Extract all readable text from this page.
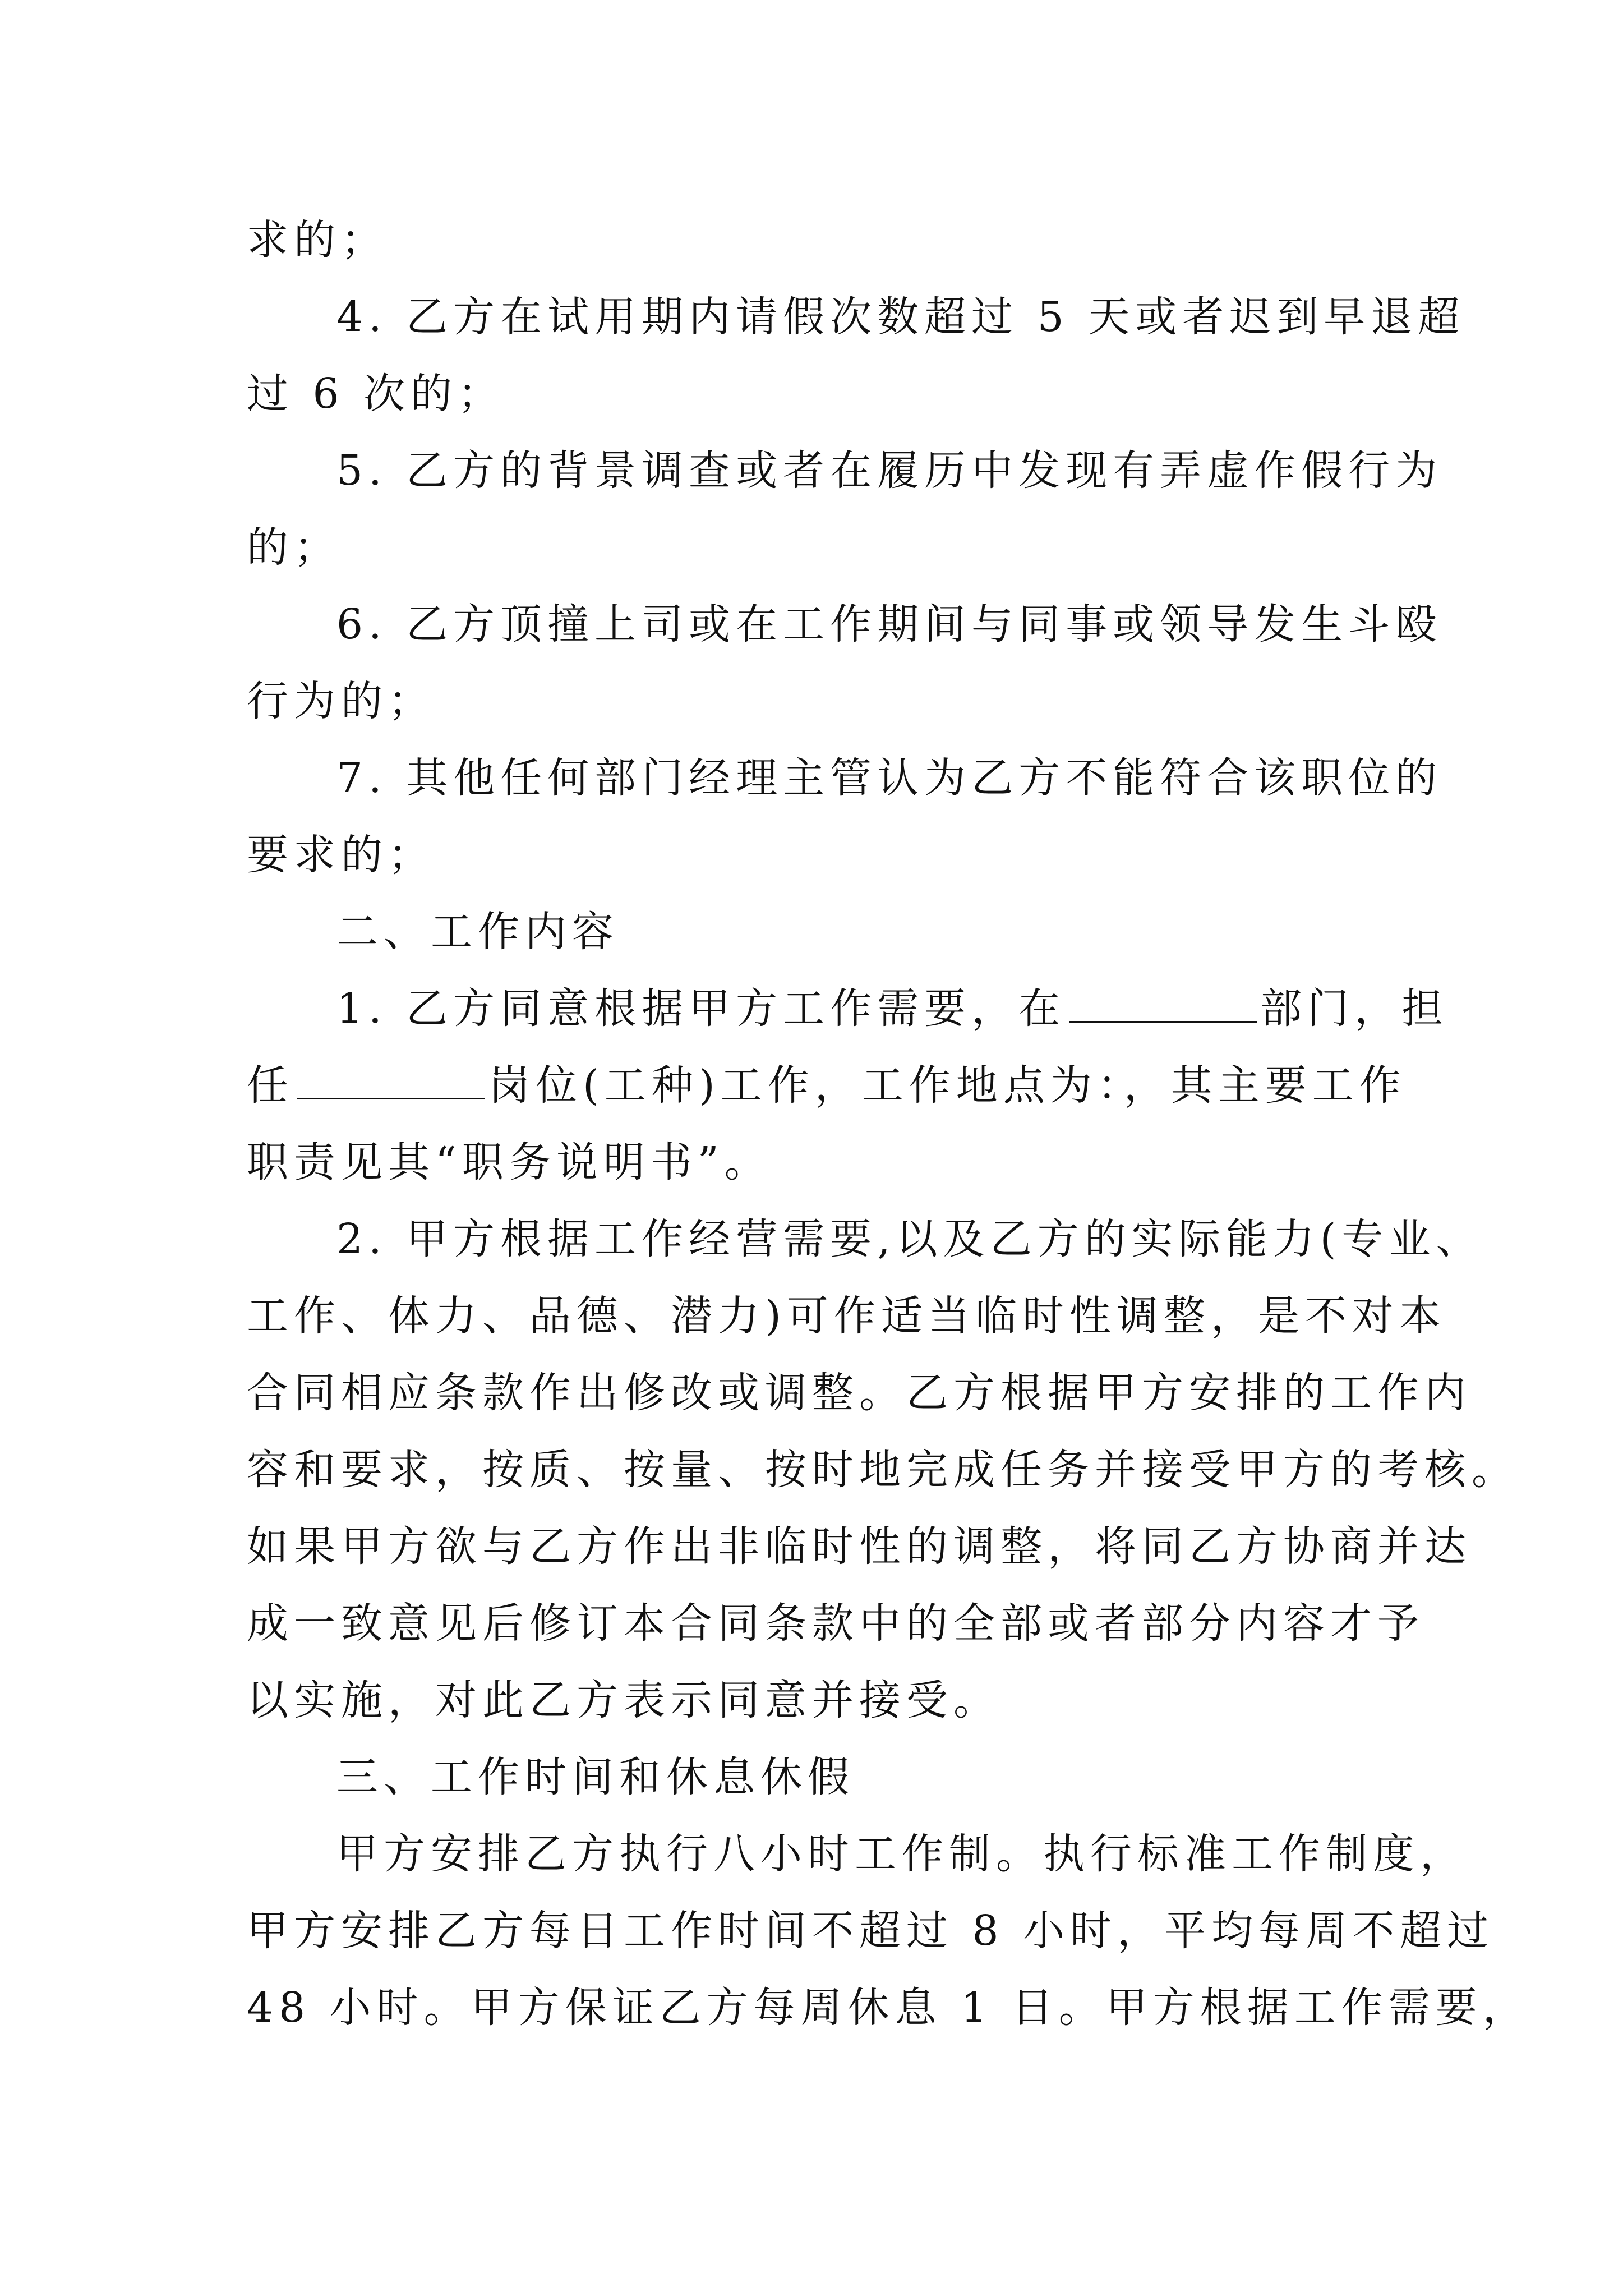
求的；
4. 乙方在试用期内请假次数超过 5 天或者迟到早退超
过 6 次的；
5. 乙方的背景调查或者在履历中发现有弄虚作假行为
的；
6. 乙方顶撞上司或在工作期间与同事或领导发生斗殴
行为的；
7. 其他任何部门经理主管认为乙方不能符合该职位的
要求的；
二、工作内容
1. 乙方同意根据甲方工作需要，在	部门，担
任	岗位(工种)工作，工作地点为：，其主要工作
职责见其“职务说明书”。
2. 甲方根据工作经营需要,以及乙方的实际能力(专业、
工作、体力、品德、潜力)可作适当临时性调整，是不对本
合同相应条款作出修改或调整。乙方根据甲方安排的工作内
容和要求，按质、按量、按时地完成任务并接受甲方的考核。
如果甲方欲与乙方作出非临时性的调整，将同乙方协商并达
成一致意见后修订本合同条款中的全部或者部分内容才予
以实施，对此乙方表示同意并接受。
三、工作时间和休息休假
甲方安排乙方执行八小时工作制。执行标准工作制度，
甲方安排乙方每日工作时间不超过 8 小时，平均每周不超过
48 小时。甲方保证乙方每周休息 1 日。甲方根据工作需要，
